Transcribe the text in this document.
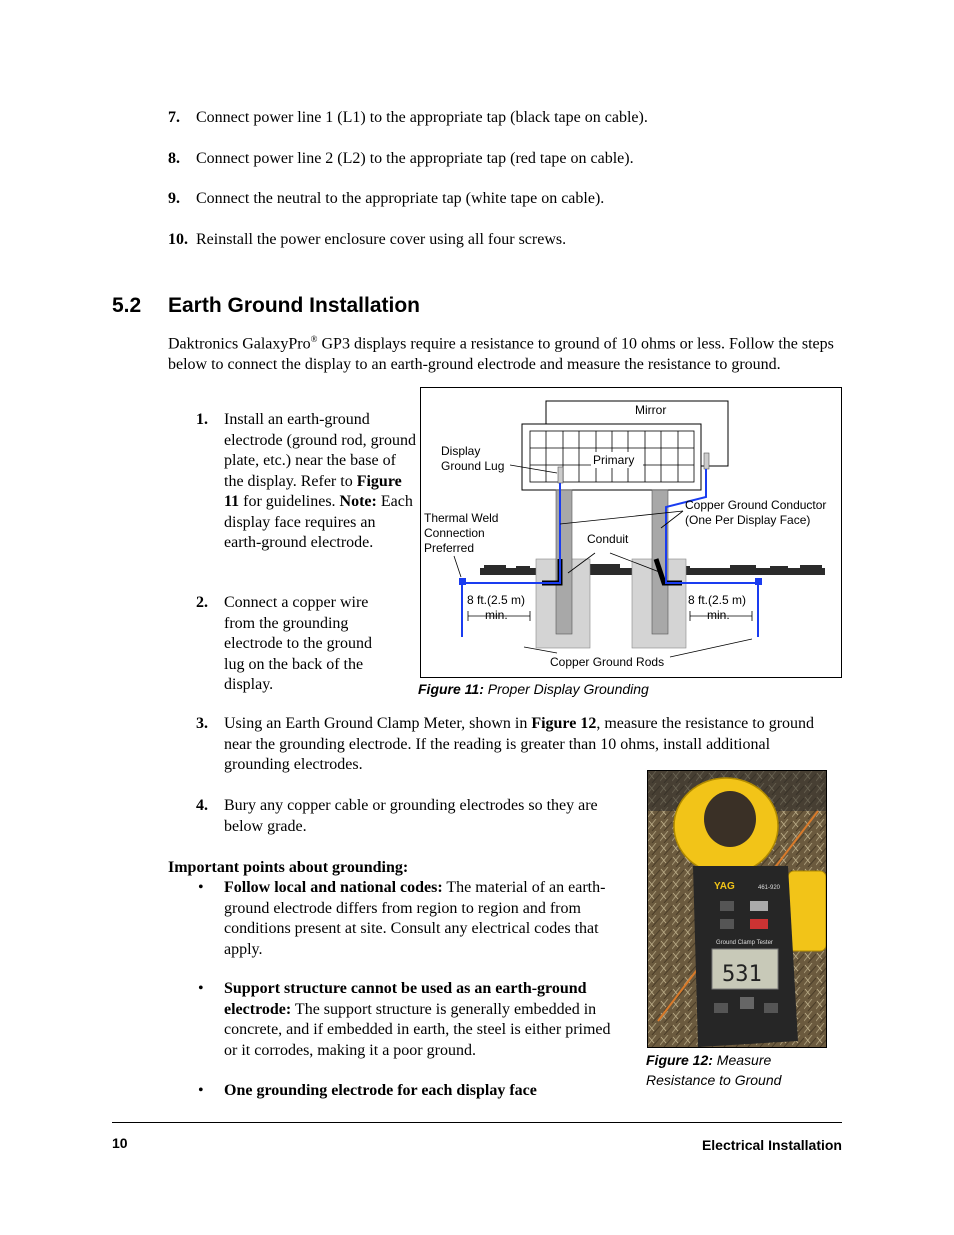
7. Connect power line 1 (L1) to the appropriate tap (black tape on cable).
8. Connect power line 2 (L2) to the appropriate tap (red tape on cable).
9. Connect the neutral to the appropriate tap (white tape on cable).
10. Reinstall the power enclosure cover using all four screws.
5.2 Earth Ground Installation
Daktronics GalaxyPro® GP3 displays require a resistance to ground of 10 ohms or less. Follow the steps below to connect the display to an earth-ground electrode and measure the resistance to ground.
1. Install an earth-ground electrode (ground rod, ground plate, etc.) near the base of the display. Refer to Figure 11 for guidelines. Note: Each display face requires an earth-ground electrode.
2. Connect a copper wire from the grounding electrode to the ground lug on the back of the display.
Mirror
Primary
Display
Ground Lug
Thermal Weld
Connection
Preferred
Copper Ground Conductor
(One Per Display Face)
Conduit
8 ft.(2.5 m)
min.
8 ft.(2.5 m)
min.
Copper Ground Rods
Figure 11: Proper Display Grounding
3. Using an Earth Ground Clamp Meter, shown in Figure 12, measure the resistance to ground near the grounding electrode. If the reading is greater than 10 ohms, install additional grounding electrodes.
YAG	461-920
Ground Clamp Tester
531
Figure 12: Measure
Resistance to Ground
4. Bury any copper cable or grounding electrodes so they are below grade.
Important points about grounding:
• Follow local and national codes: The material of an earth-ground electrode differs from region to region and from conditions present at site. Consult any electrical codes that apply.
• Support structure cannot be used as an earth-ground electrode: The support structure is generally embedded in concrete, and if embedded in earth, the steel is either primed or it corrodes, making it a poor ground.
• One grounding electrode for each display face
10	Electrical Installation
